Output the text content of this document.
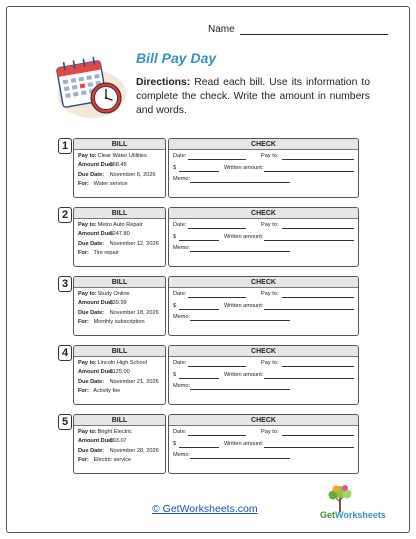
Name
Bill Pay Day

Directions: Read each bill. Use its information to complete the check. Write the amount in numbers and words.

1	BILL
Pay to: Clear Water Utilities
Amount Due: $68.45
Due Date: November 6, 2026
For: Water service
CHECK
Date:	Pay to:
$	Written amount:
Memo:
2	BILL
Pay to: Metro Auto Repair
Amount Due: $247.80
Due Date: November 12, 2026
For: Tire repair
CHECK
Date:	Pay to:
$	Written amount:
Memo:
3	BILL
Pay to: Study Online
Amount Due: $39.99
Due Date: November 18, 2026
For: Monthly subscription
CHECK
Date:	Pay to:
$	Written amount:
Memo:
4	BILL
Pay to: Lincoln High School
Amount Due: $125.00
Due Date: November 21, 2026
For: Activity fee
CHECK
Date:	Pay to:
$	Written amount:
Memo:
5	BILL
Pay to: Bright Electric
Amount Due: $93.07
Due Date: November 28, 2026
For: Electric service
CHECK
Date:	Pay to:
$	Written amount:
Memo:
© GetWorksheets.com	GetWorksheets
